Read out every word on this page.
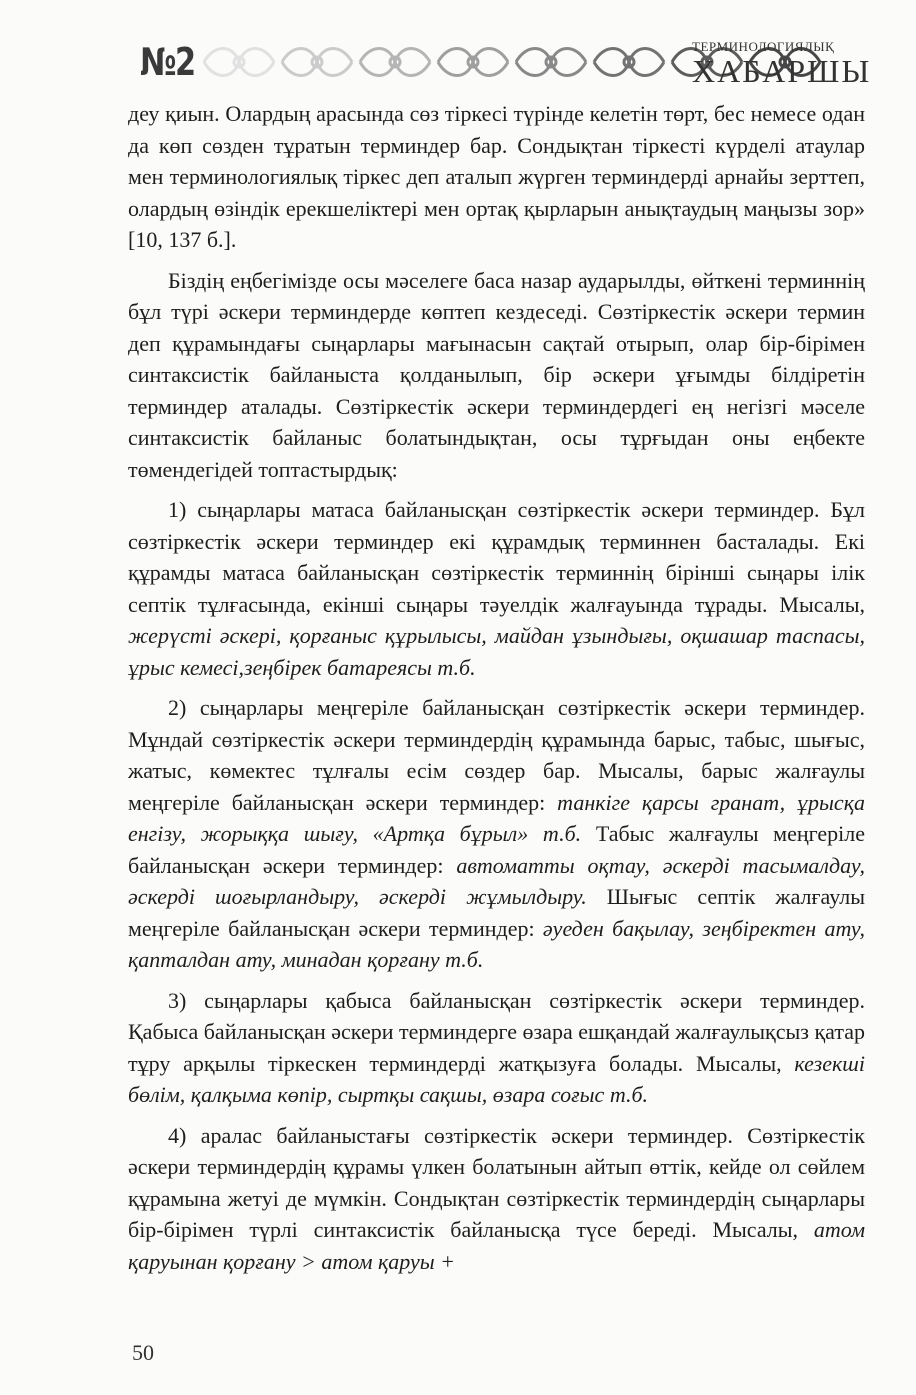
№2	ТЕРМИНОЛОГИЯЛЫҚ
ХАБАРШЫ

деу қиын. Олардың арасында сөз тіркесі түрінде келетін төрт, бес немесе одан да көп сөзден тұратын терминдер бар. Сондықтан тіркесті күрделі атаулар мен терминологиялық тіркес деп аталып жүрген терминдерді арнайы зерттеп, олардың өзіндік ерекшеліктері мен ортақ қырларын анықтаудың маңызы зор» [10, 137 б.].

Біздің еңбегімізде осы мәселеге баса назар аударылды, өйткені терминнің бұл түрі әскери терминдерде көптеп кездеседі. Сөзтіркестік әскери термин деп құрамындағы сыңарлары мағынасын сақтай отырып, олар бір-бірімен синтаксистік байланыста қолданылып, бір әскери ұғымды білдіретін терминдер аталады. Сөзтіркестік әскери терминдердегі ең негізгі мәселе синтаксистік байланыс болатындықтан, осы тұрғыдан оны еңбекте төмендегідей топтастырдық:

1) сыңарлары матаса байланысқан сөзтіркестік әскери терминдер. Бұл сөзтіркестік әскери терминдер екі құрамдық терминнен басталады. Екі құрамды матаса байланысқан сөзтіркестік терминнің бірінші сыңары ілік септік тұлғасында, екінші сыңары тәуелдік жалғауында тұрады. Мысалы, жерүсті әскері, қорғаныс құрылысы, майдан ұзындығы, оқшашар таспасы, ұрыс кемесі,зеңбірек батареясы т.б.

2) сыңарлары меңгеріле байланысқан сөзтіркестік әскери терминдер. Мұндай сөзтіркестік әскери терминдердің құрамында барыс, табыс, шығыс, жатыс, көмектес тұлғалы есім сөздер бар. Мысалы, барыс жалғаулы меңгеріле байланысқан әскери терминдер: танкіге қарсы гранат, ұрысқа енгізу, жорыққа шығу, «Артқа бұрыл» т.б. Табыс жалғаулы меңгеріле байланысқан әскери терминдер: автоматты оқтау, әскерді тасымалдау, әскерді шоғырландыру, әскерді жұмылдыру. Шығыс септік жалғаулы меңгеріле байланысқан әскери терминдер: әуеден бақылау, зеңбіректен ату, қапталдан ату, минадан қорғану т.б.

3) сыңарлары қабыса байланысқан сөзтіркестік әскери терминдер. Қабыса байланысқан әскери терминдерге өзара ешқандай жалғаулықсыз қатар тұру арқылы тіркескен терминдерді жатқызуға болады. Мысалы, кезекші бөлім, қалқыма көпір, сыртқы сақшы, өзара соғыс т.б.

4) аралас байланыстағы сөзтіркестік әскери терминдер. Сөзтіркестік әскери терминдердің құрамы үлкен болатынын айтып өттік, кейде ол сөйлем құрамына жетуі де мүмкін. Сондықтан сөзтіркестік терминдердің сыңарлары бір-бірімен түрлі синтаксистік байланысқа түсе береді. Мысалы, атом қаруынан қорғану > атом қаруы +

50
